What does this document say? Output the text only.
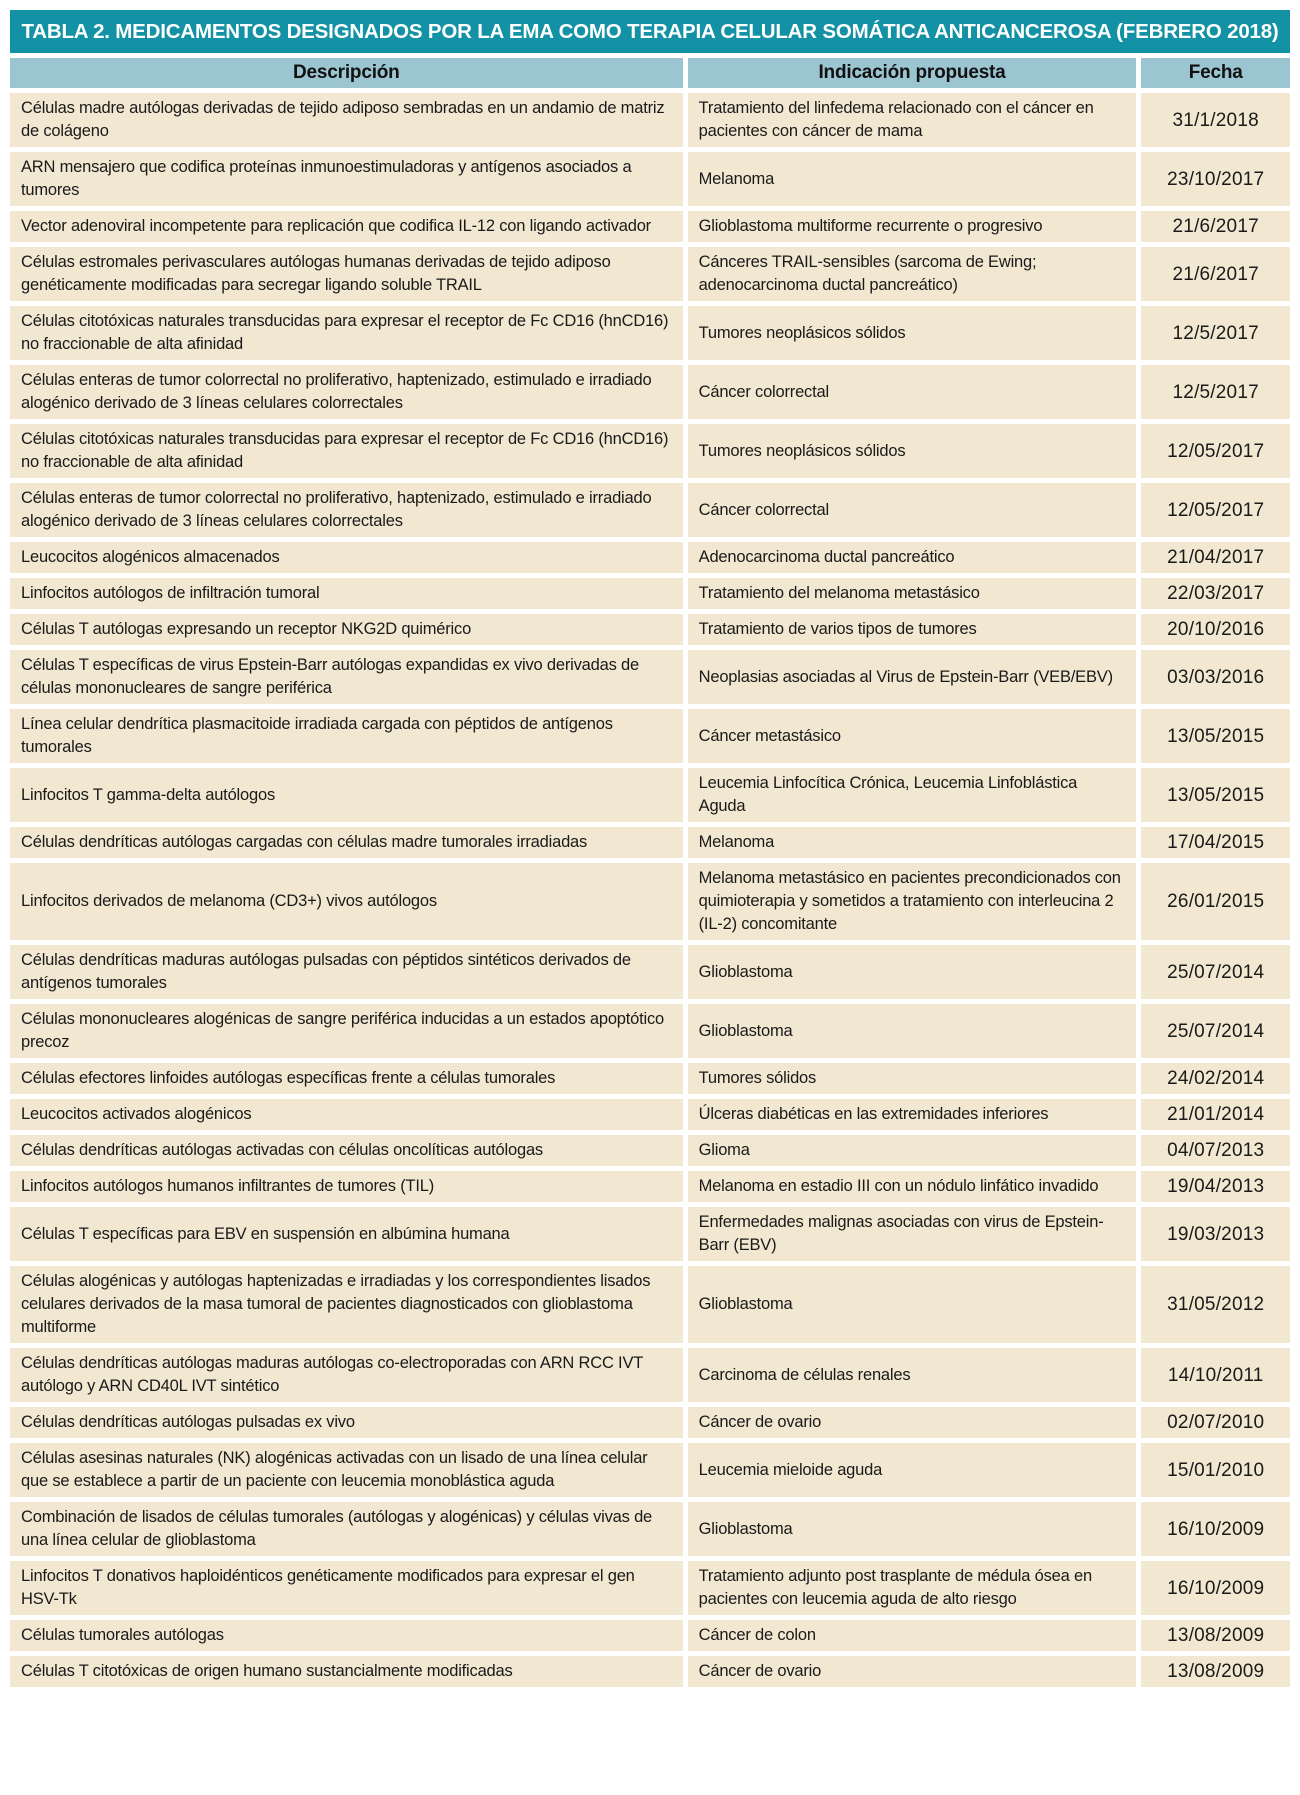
TABLA 2. MEDICAMENTOS DESIGNADOS POR LA EMA COMO TERAPIA CELULAR SOMÁTICA ANTICANCEROSA (FEBRERO 2018)
Descripción	Indicación propuesta	Fecha
Células madre autólogas derivadas de tejido adiposo sembradas en un andamio de matriz de colágeno	Tratamiento del linfedema relacionado con el cáncer en pacientes con cáncer de mama	31/1/2018
ARN mensajero que codifica proteínas inmunoestimuladoras y antígenos asociados a tumores	Melanoma	23/10/2017
Vector adenoviral incompetente para replicación que codifica IL-12 con ligando activador	Glioblastoma multiforme recurrente o progresivo	21/6/2017
Células estromales perivasculares autólogas humanas derivadas de tejido adiposo genéticamente modificadas para secregar ligando soluble TRAIL	Cánceres TRAIL-sensibles (sarcoma de Ewing; adenocarcinoma ductal pancreático)	21/6/2017
Células citotóxicas naturales transducidas para expresar el receptor de Fc CD16 (hnCD16) no fraccionable de alta afinidad	Tumores neoplásicos sólidos	12/5/2017
Células enteras de tumor colorrectal no proliferativo, haptenizado, estimulado e irradiado alogénico derivado de 3 líneas celulares colorrectales	Cáncer colorrectal	12/5/2017
Células citotóxicas naturales transducidas para expresar el receptor de Fc CD16 (hnCD16) no fraccionable de alta afinidad	Tumores neoplásicos sólidos	12/05/2017
Células enteras de tumor colorrectal no proliferativo, haptenizado, estimulado e irradiado alogénico derivado de 3 líneas celulares colorrectales	Cáncer colorrectal	12/05/2017
Leucocitos alogénicos almacenados	Adenocarcinoma ductal pancreático	21/04/2017
Linfocitos autólogos de infiltración tumoral	Tratamiento del melanoma metastásico	22/03/2017
Células T autólogas expresando un receptor NKG2D quimérico	Tratamiento de varios tipos de tumores	20/10/2016
Células T específicas de virus Epstein-Barr autólogas expandidas ex vivo derivadas de células mononucleares de sangre periférica	Neoplasias asociadas al Virus de Epstein-Barr (VEB/EBV)	03/03/2016
Línea celular dendrítica plasmacitoide irradiada cargada con péptidos de antígenos tumorales	Cáncer metastásico	13/05/2015
Linfocitos T gamma-delta autólogos	Leucemia Linfocítica Crónica, Leucemia Linfoblástica Aguda	13/05/2015
Células dendríticas autólogas cargadas con células madre tumorales irradiadas	Melanoma	17/04/2015
Linfocitos derivados de melanoma (CD3+) vivos autólogos	Melanoma metastásico en pacientes precondicionados con quimioterapia y sometidos a tratamiento con interleucina 2 (IL-2) concomitante	26/01/2015
Células dendríticas maduras autólogas pulsadas con péptidos sintéticos derivados de antígenos tumorales	Glioblastoma	25/07/2014
Células mononucleares alogénicas de sangre periférica inducidas a un estados apoptótico precoz	Glioblastoma	25/07/2014
Células efectores linfoides autólogas específicas frente a células tumorales	Tumores sólidos	24/02/2014
Leucocitos activados alogénicos	Úlceras diabéticas en las extremidades inferiores	21/01/2014
Células dendríticas autólogas activadas con células oncolíticas autólogas	Glioma	04/07/2013
Linfocitos autólogos humanos infiltrantes de tumores (TIL)	Melanoma en estadio III con un nódulo linfático invadido	19/04/2013
Células T específicas para EBV en suspensión en albúmina humana	Enfermedades malignas asociadas con virus de Epstein-Barr (EBV)	19/03/2013
Células alogénicas y autólogas haptenizadas e irradiadas y los correspondientes lisados celulares derivados de la masa tumoral de pacientes diagnosticados con glioblastoma multiforme	Glioblastoma	31/05/2012
Células dendríticas autólogas maduras autólogas co-electroporadas con ARN RCC IVT autólogo y ARN CD40L IVT sintético	Carcinoma de células renales	14/10/2011
Células dendríticas autólogas pulsadas ex vivo	Cáncer de ovario	02/07/2010
Células asesinas naturales (NK) alogénicas activadas con un lisado de una línea celular que se establece a partir de un paciente con leucemia monoblástica aguda	Leucemia mieloide aguda	15/01/2010
Combinación de lisados de células tumorales (autólogas y alogénicas) y células vivas de una línea celular de glioblastoma	Glioblastoma	16/10/2009
Linfocitos T donativos haploidénticos genéticamente modificados para expresar el gen HSV-Tk	Tratamiento adjunto post trasplante de médula ósea en pacientes con leucemia aguda de alto riesgo	16/10/2009
Células tumorales autólogas	Cáncer de colon	13/08/2009
Células T citotóxicas de origen humano sustancialmente modificadas	Cáncer de ovario	13/08/2009
